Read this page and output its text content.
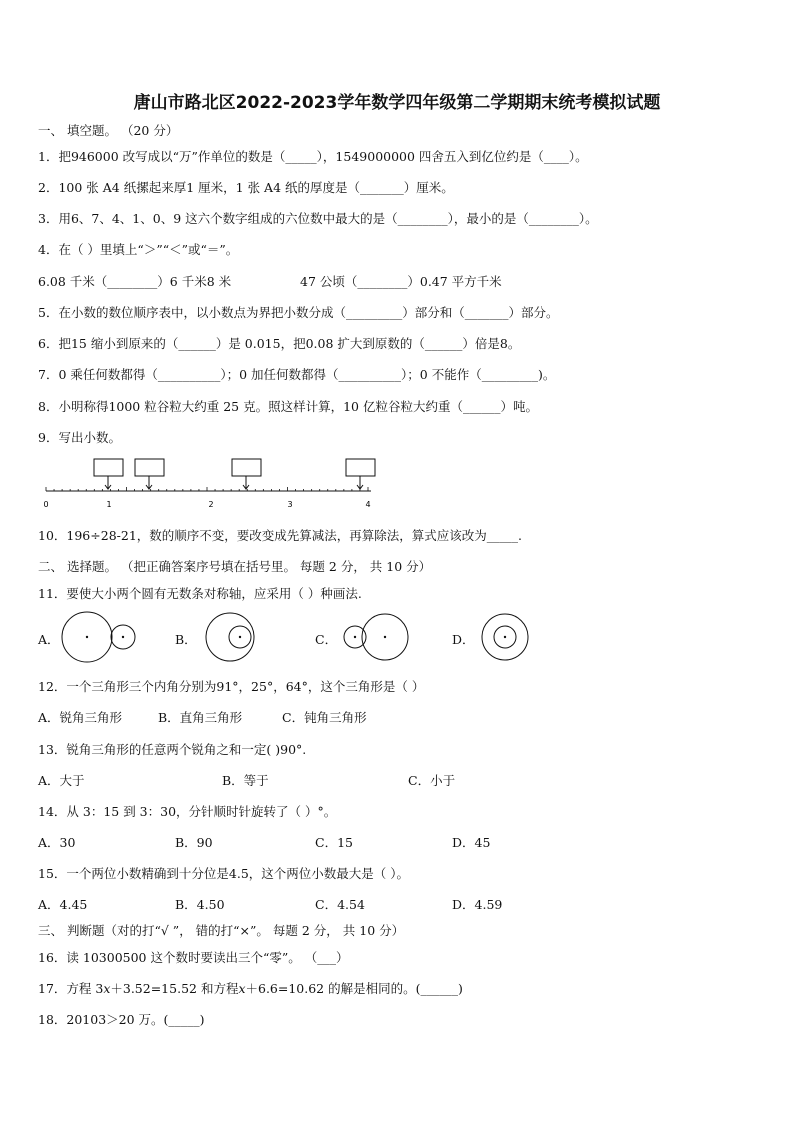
唐山市路北区2022-2023学年数学四年级第二学期期末统考模拟试题
一、 填空题。 （20 分）
1．把946000 改写成以“万”作单位的数是（_____），1549000000 四舍五入到亿位约是（____）。
2．100 张 A4 纸摞起来厚1 厘米，1 张 A4 纸的厚度是（_______）厘米。
3．用6、7、4、1、0、9 这六个数字组成的六位数中最大的是（________），最小的是（________）。
4．在（ ）里填上“＞”“＜”或“＝”。
6.08 千米（________）6 千米8 米	47 公顷（________）0.47 平方千米
5．在小数的数位顺序表中，以小数点为界把小数分成（_________）部分和（_______）部分。
6．把15 缩小到原来的（______）是 0.015，把0.08 扩大到原数的（______）倍是8。
7．0 乘任何数都得（__________）；0 加任何数都得（__________）；0 不能作（_________)。
8．小明称得1000 粒谷粒大约重 25 克。照这样计算，10 亿粒谷粒大约重（______）吨。
9．写出小数。
0	1	2	3	4
10．196÷28-21，数的顺序不变，要改变成先算减法，再算除法，算式应该改为_____.
二、 选择题。 （把正确答案序号填在括号里。 每题 2 分， 共 10 分）
11．要使大小两个圆有无数条对称轴，应采用（ ）种画法.
A．	B．	C．	D．
12．一个三角形三个内角分别为91°，25°，64°，这个三角形是（ ）
A．锐角三角形	B．直角三角形	C．钝角三角形
13．锐角三角形的任意两个锐角之和一定( )90°.
A．大于	B．等于	C．小于
14．从 3：15 到 3：30，分针顺时针旋转了（ ）°。
A．30	B．90	C．15	D．45
15．一个两位小数精确到十分位是4.5，这个两位小数最大是（ ）。
A．4.45	B．4.50	C．4.54	D．4.59
三、 判断题（对的打“√ ”， 错的打“×”。 每题 2 分， 共 10 分）
16．读 10300500 这个数时要读出三个“零”。 （___）
17．方程 3𝑥＋3.52=15.52 和方程𝑥＋6.6=10.62 的解是相同的。(______)
18．20103＞20 万。(_____)
